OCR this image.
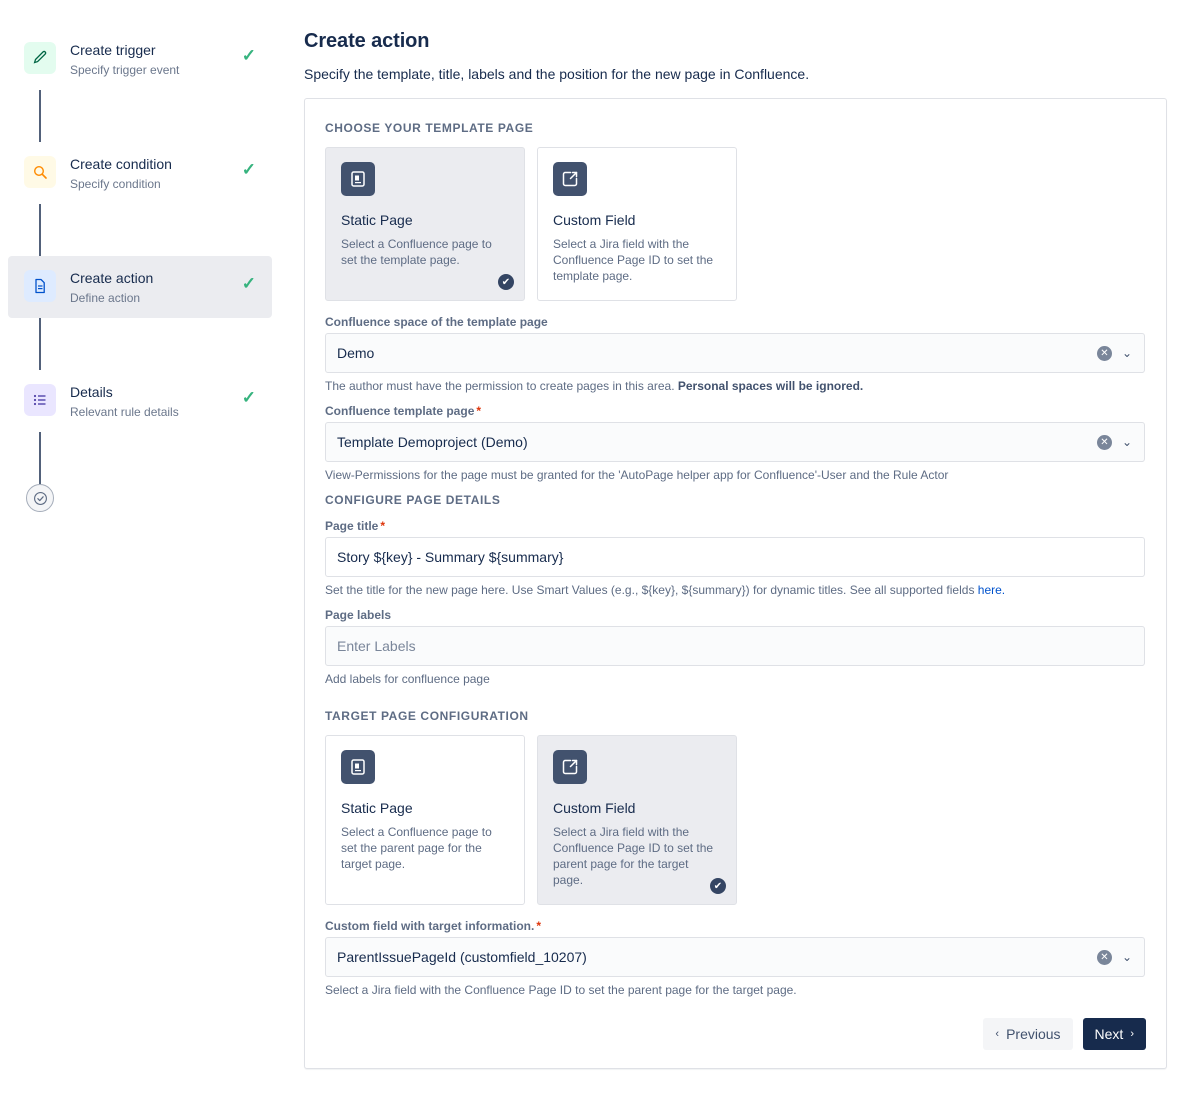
Create trigger
Specify trigger event
✓
Create condition
Specify condition
✓
Create action
Define action
✓
Details
Relevant rule details
✓
Create action

Specify the template, title, labels and the position for the new page in Confluence.

CHOOSE YOUR TEMPLATE PAGE
Static Page
Select a Confluence page to set the template page.
✔
Custom Field
Select a Jira field with the Confluence Page ID to set the template page.
Confluence space of the template page
Demo	✕ ⌄
The author must have the permission to create pages in this area. Personal spaces will be ignored.
Confluence template page *
Template Demoproject (Demo)	✕ ⌄
View-Permissions for the page must be granted for the 'AutoPage helper app for Confluence'-User and the Rule Actor
CONFIGURE PAGE DETAILS
Page title *
Story ${key} - Summary ${summary}
Set the title for the new page here. Use Smart Values (e.g., ${key}, ${summary}) for dynamic titles. See all supported fields here.
Page labels
Enter Labels
Add labels for confluence page
TARGET PAGE CONFIGURATION
Static Page
Select a Confluence page to set the parent page for the target page.
Custom Field
Select a Jira field with the Confluence Page ID to set the parent page for the target page.	✔
Custom field with target information. *
ParentIssuePageId (customfield_10207)	✕ ⌄
Select a Jira field with the Confluence Page ID to set the parent page for the target page.
‹ Previous Next ›
